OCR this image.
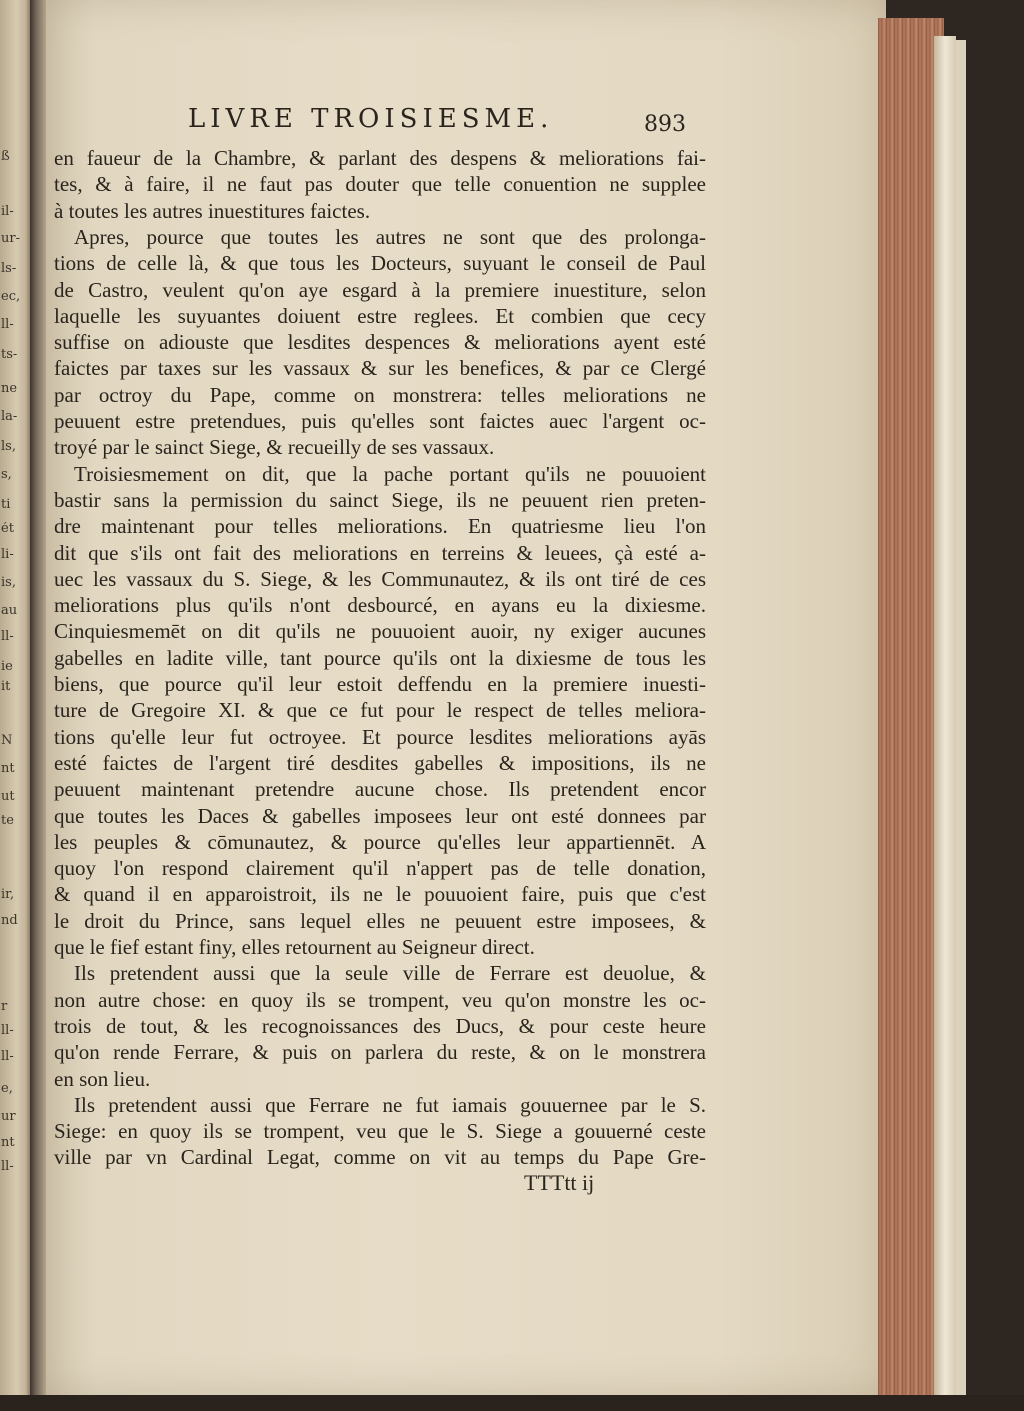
ß
il-
ur-
ls-
ec,
ll-
ts-
ne
la-
ls,
s,
ti
ét
li-
is,
au
ll-
ie
it
N
nt
ut
te
ir,
nd
r
ll-
ll-
e,
ur
nt
ll-
LIVRE TROISIESME.	893
en faueur de la Chambre, & parlant des despens & meliorations fai-
tes, & à faire, il ne faut pas douter que telle conuention ne supplee
à toutes les autres inuestitures faictes.
Apres, pource que toutes les autres ne sont que des prolonga-
tions de celle là, & que tous les Docteurs, suyuant le conseil de Paul
de Castro, veulent qu'on aye esgard à la premiere inuestiture, selon
laquelle les suyuantes doiuent estre reglees. Et combien que cecy
suffise on adiouste que lesdites despences & meliorations ayent esté
faictes par taxes sur les vassaux & sur les benefices, & par ce Clergé
par octroy du Pape, comme on monstrera: telles meliorations ne
peuuent estre pretendues, puis qu'elles sont faictes auec l'argent oc-
troyé par le sainct Siege, & recueilly de ses vassaux.
Troisiesmement on dit, que la pache portant qu'ils ne pouuoient
bastir sans la permission du sainct Siege, ils ne peuuent rien preten-
dre maintenant pour telles meliorations. En quatriesme lieu l'on
dit que s'ils ont fait des meliorations en terreins & leuees, çà esté a-
uec les vassaux du S. Siege, & les Communautez, & ils ont tiré de ces
meliorations plus qu'ils n'ont desbourcé, en ayans eu la dixiesme.
Cinquiesmemēt on dit qu'ils ne pouuoient auoir, ny exiger aucunes
gabelles en ladite ville, tant pource qu'ils ont la dixiesme de tous les
biens, que pource qu'il leur estoit deffendu en la premiere inuesti-
ture de Gregoire XI. & que ce fut pour le respect de telles meliora-
tions qu'elle leur fut octroyee. Et pource lesdites meliorations ayās
esté faictes de l'argent tiré desdites gabelles & impositions, ils ne
peuuent maintenant pretendre aucune chose. Ils pretendent encor
que toutes les Daces & gabelles imposees leur ont esté donnees par
les peuples & cōmunautez, & pource qu'elles leur appartiennēt. A
quoy l'on respond clairement qu'il n'appert pas de telle donation,
& quand il en apparoistroit, ils ne le pouuoient faire, puis que c'est
le droit du Prince, sans lequel elles ne peuuent estre imposees, &
que le fief estant finy, elles retournent au Seigneur direct.
Ils pretendent aussi que la seule ville de Ferrare est deuolue, &
non autre chose: en quoy ils se trompent, veu qu'on monstre les oc-
trois de tout, & les recognoissances des Ducs, & pour ceste heure
qu'on rende Ferrare, & puis on parlera du reste, & on le monstrera
en son lieu.
Ils pretendent aussi que Ferrare ne fut iamais gouuernee par le S.
Siege: en quoy ils se trompent, veu que le S. Siege a gouuerné ceste
ville par vn Cardinal Legat, comme on vit au temps du Pape Gre-
TTTtt ij
